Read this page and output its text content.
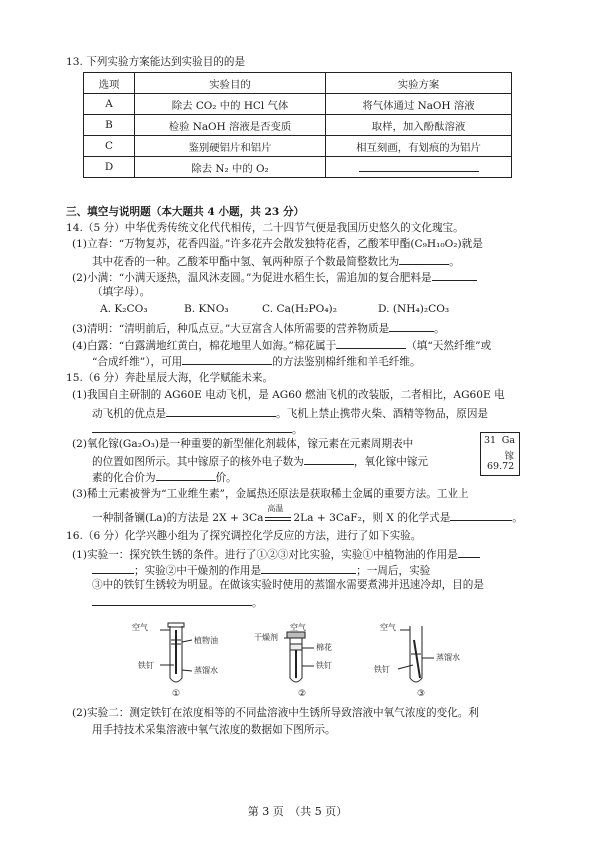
13. 下列实验方案能达到实验目的的是
选项	实验目的	实验方案
A	除去 CO₂ 中的 HCl 气体	将气体通过 NaOH 溶液
B	检验 NaOH 溶液是否变质	取样，加入酚酞溶液
C	鉴别硬铝片和铝片	相互刻画，有划痕的为铝片
D	除去 N₂ 中的 O₂	
三、填空与说明题（本大题共 4 小题，共 23 分）
14.（5 分）中华优秀传统文化代代相传，二十四节气便是我国历史悠久的文化瑰宝。
(1)立春：“万物复苏，花香四溢。”许多花卉会散发独特花香，乙酸苯甲酯(C₉H₁₀O₂)就是
其中花香的一种。乙酸苯甲酯中氢、氧两种原子个数最简整数比为	。
(2)小满：“小满天逐热，温风沐麦圆。”为促进水稻生长，需追加的复合肥料是
（填字母）。
A. K₂CO₃	B. KNO₃	C. Ca(H₂PO₄)₂	D. (NH₄)₂CO₃
(3)清明：“清明前后，种瓜点豆。”大豆富含人体所需要的营养物质是	。
(4)白露：“白露满地红黄白，棉花地里人如海。”棉花属于	（填“天然纤维”或
“合成纤维”），可用	的方法鉴别棉纤维和羊毛纤维。
15.（6 分）奔赴星辰大海，化学赋能未来。
(1)我国自主研制的 AG60E 电动飞机，是 AG60 燃油飞机的改装版，二者相比，AG60E 电
动飞机的优点是	。飞机上禁止携带火柴、酒精等物品，原因是
。
(2)氧化镓(Ga₂O₃)是一种重要的新型催化剂载体，镓元素在元素周期表中
的位置如图所示。其中镓原子的核外电子数为	，氧化镓中镓元
素的化合价为	价。
31 Ga
镓
69.72
(3)稀土元素被誉为“工业维生素”，金属热还原法是获取稀土金属的重要方法。工业上
一种制备镧(La)的方法是 2X + 3Ca
高温
2La + 3CaF₂，则 X 的化学式是	。
16.（6 分）化学兴趣小组为了探究调控化学反应的方法，进行了如下实验。
(1)实验一：探究铁生锈的条件。进行了①②③对比实验，实验①中植物油的作用是
；实验②中干燥剂的作用是	；一周后，实验
③中的铁钉生锈较为明显。在做该实验时使用的蒸馏水需要煮沸并迅速冷却，目的是
。
空气
植物油
铁钉
蒸馏水
①
空气
干燥剂
棉花
铁钉
②
空气
铁钉
蒸馏水
③
(2)实验二：测定铁钉在浓度相等的不同盐溶液中生锈所导致溶液中氧气浓度的变化。利
用手持技术采集溶液中氧气浓度的数据如下图所示。
第 3 页　（共 5 页）
